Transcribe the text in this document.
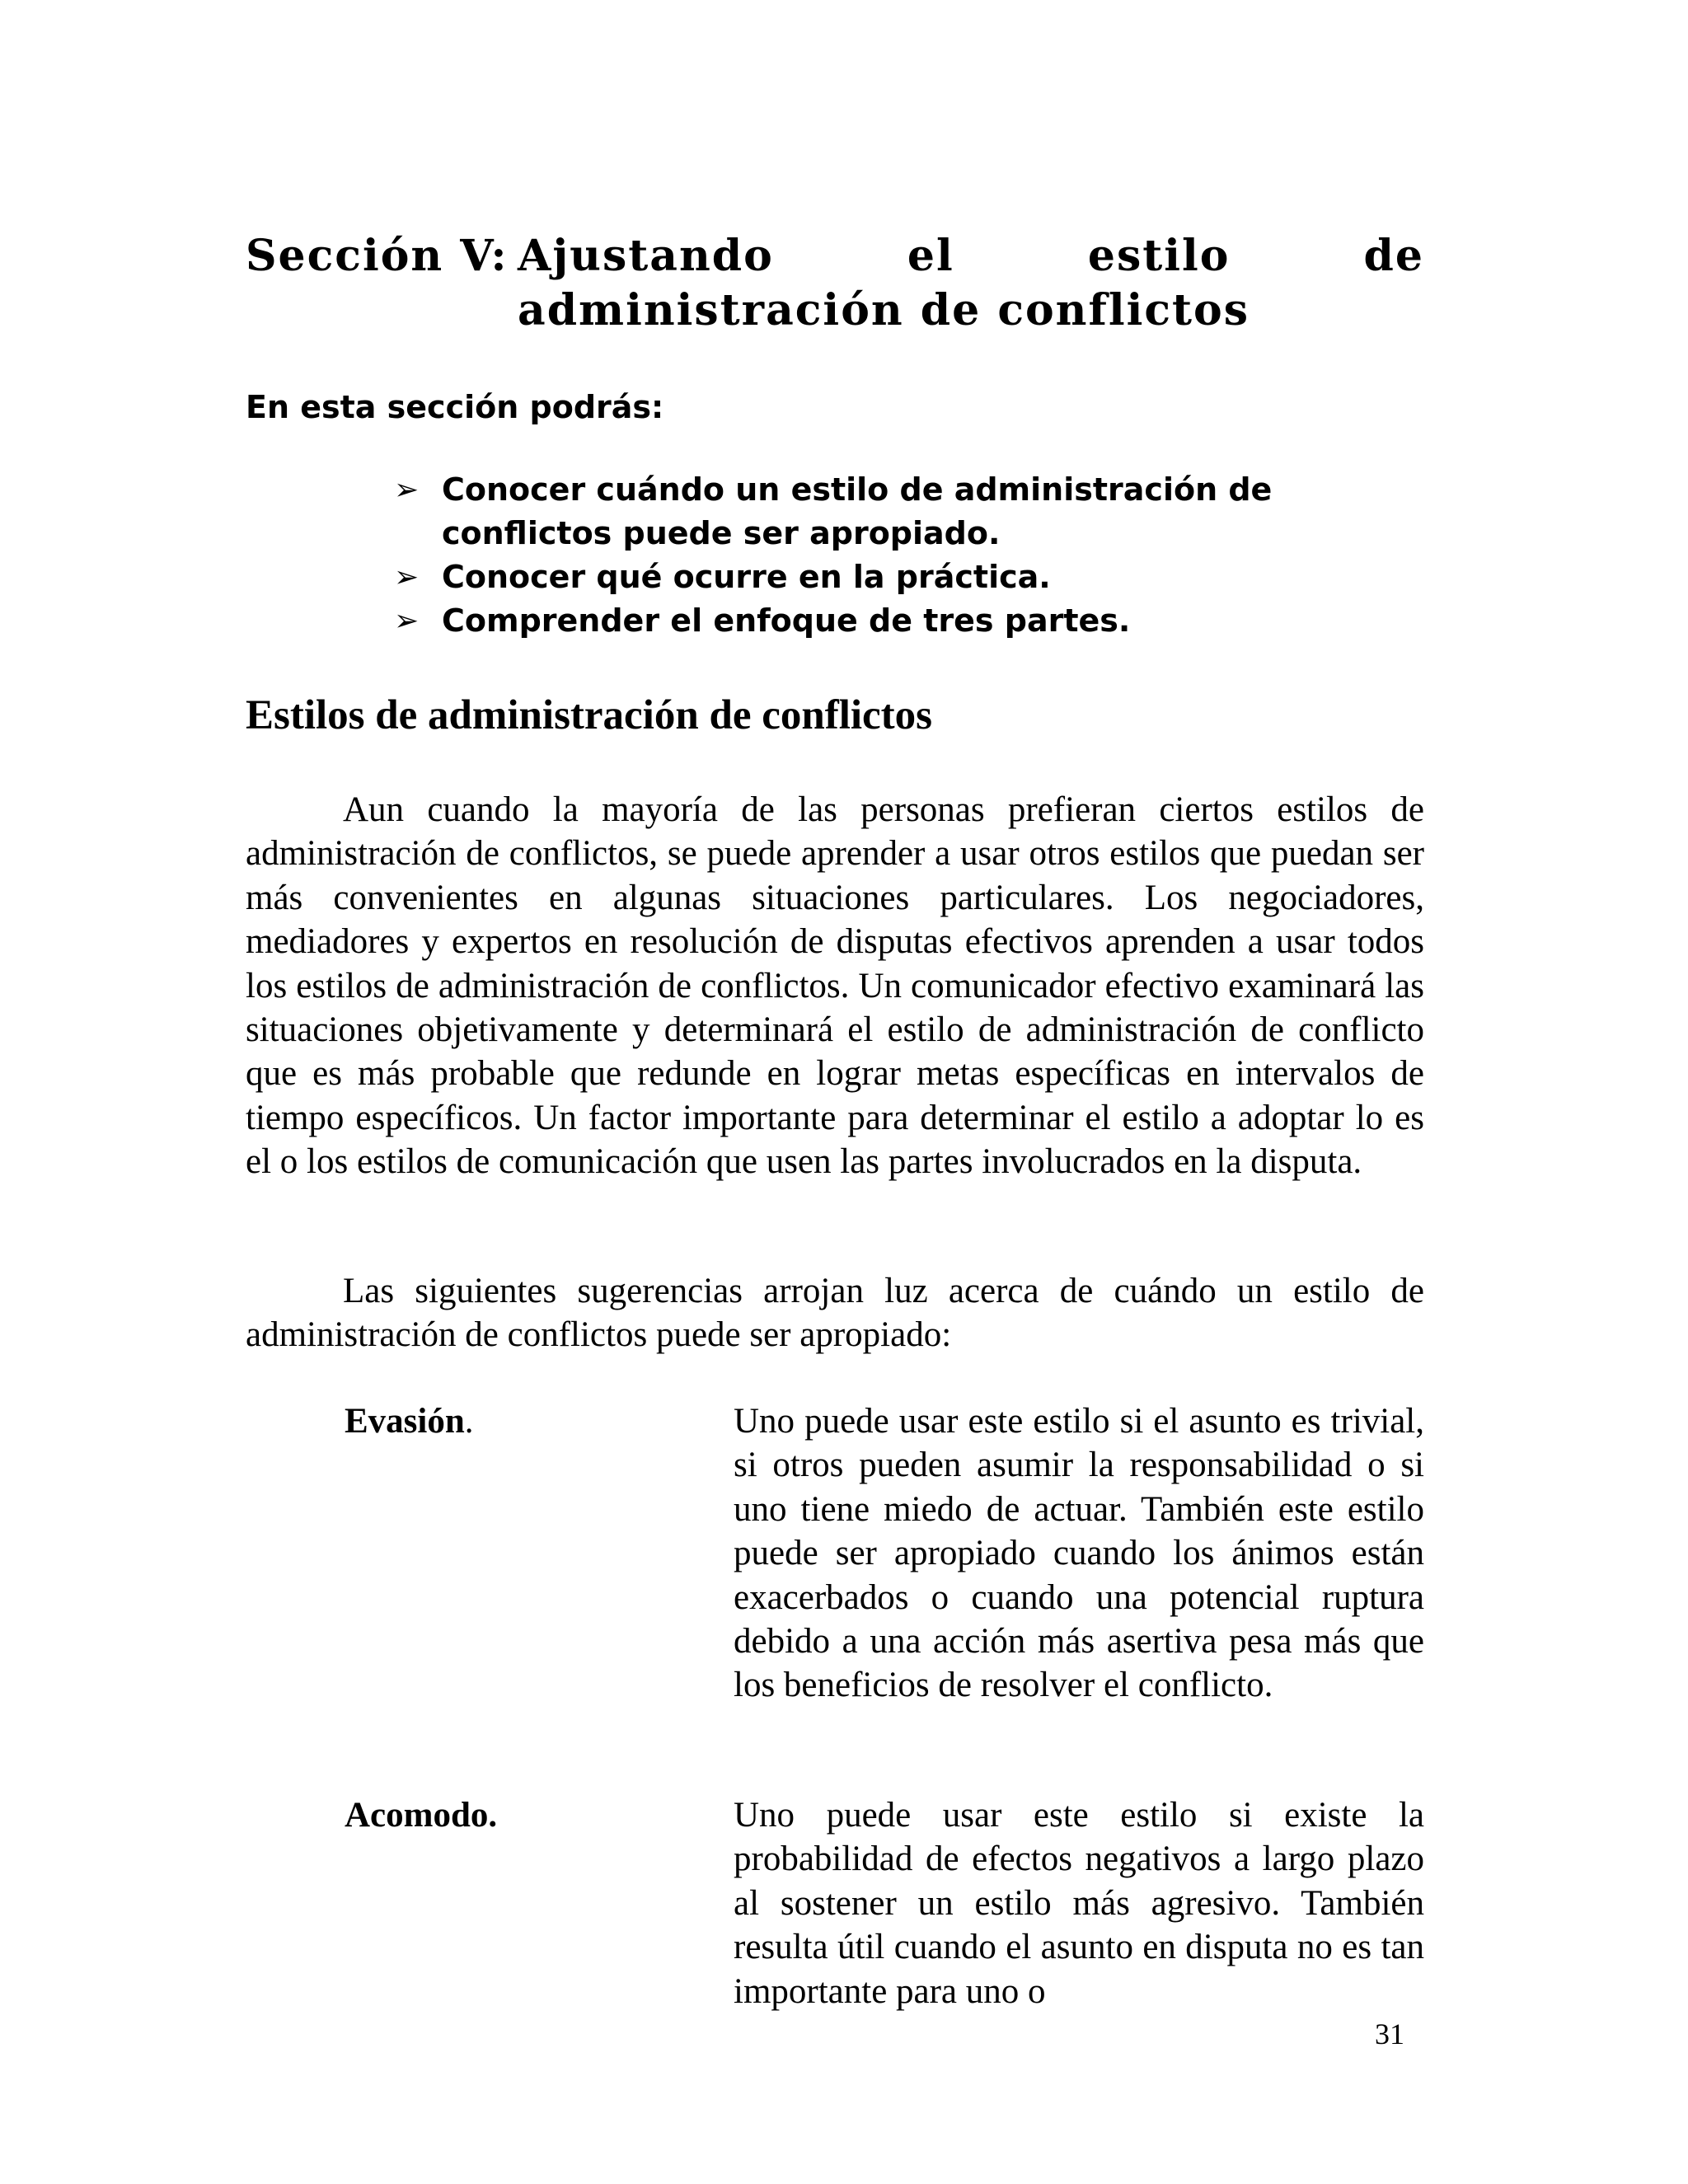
Sección V: Ajustando el estilo de administración de conflictos
En esta sección podrás:
➢ Conocer cuándo un estilo de administración de conflictos puede ser apropiado.
➢ Conocer qué ocurre en la práctica.
➢ Comprender el enfoque de tres partes.
Estilos de administración de conflictos

Aun cuando la mayoría de las personas prefieran ciertos estilos de administración de conflictos, se puede aprender a usar otros estilos que puedan ser más convenientes en algunas situaciones particulares. Los negociadores, mediadores y expertos en resolución de disputas efectivos aprenden a usar todos los estilos de administración de conflictos. Un comunicador efectivo examinará las situaciones objetivamente y determinará el estilo de administración de conflicto que es más probable que redunde en lograr metas específicas en intervalos de tiempo específicos. Un factor importante para determinar el estilo a adoptar lo es el o los estilos de comunicación que usen las partes involucrados en la disputa.

Las siguientes sugerencias arrojan luz acerca de cuándo un estilo de administración de conflictos puede ser apropiado:

Evasión.	Uno puede usar este estilo si el asunto es trivial, si otros pueden asumir la responsabilidad o si uno tiene miedo de actuar. También este estilo puede ser apropiado cuando los ánimos están exacerbados o cuando una potencial ruptura debido a una acción más asertiva pesa más que los beneficios de resolver el conflicto.

Acomodo.	Uno puede usar este estilo si existe la probabilidad de efectos negativos a largo plazo al sostener un estilo más agresivo. También resulta útil cuando el asunto en disputa no es tan importante para uno o

31
